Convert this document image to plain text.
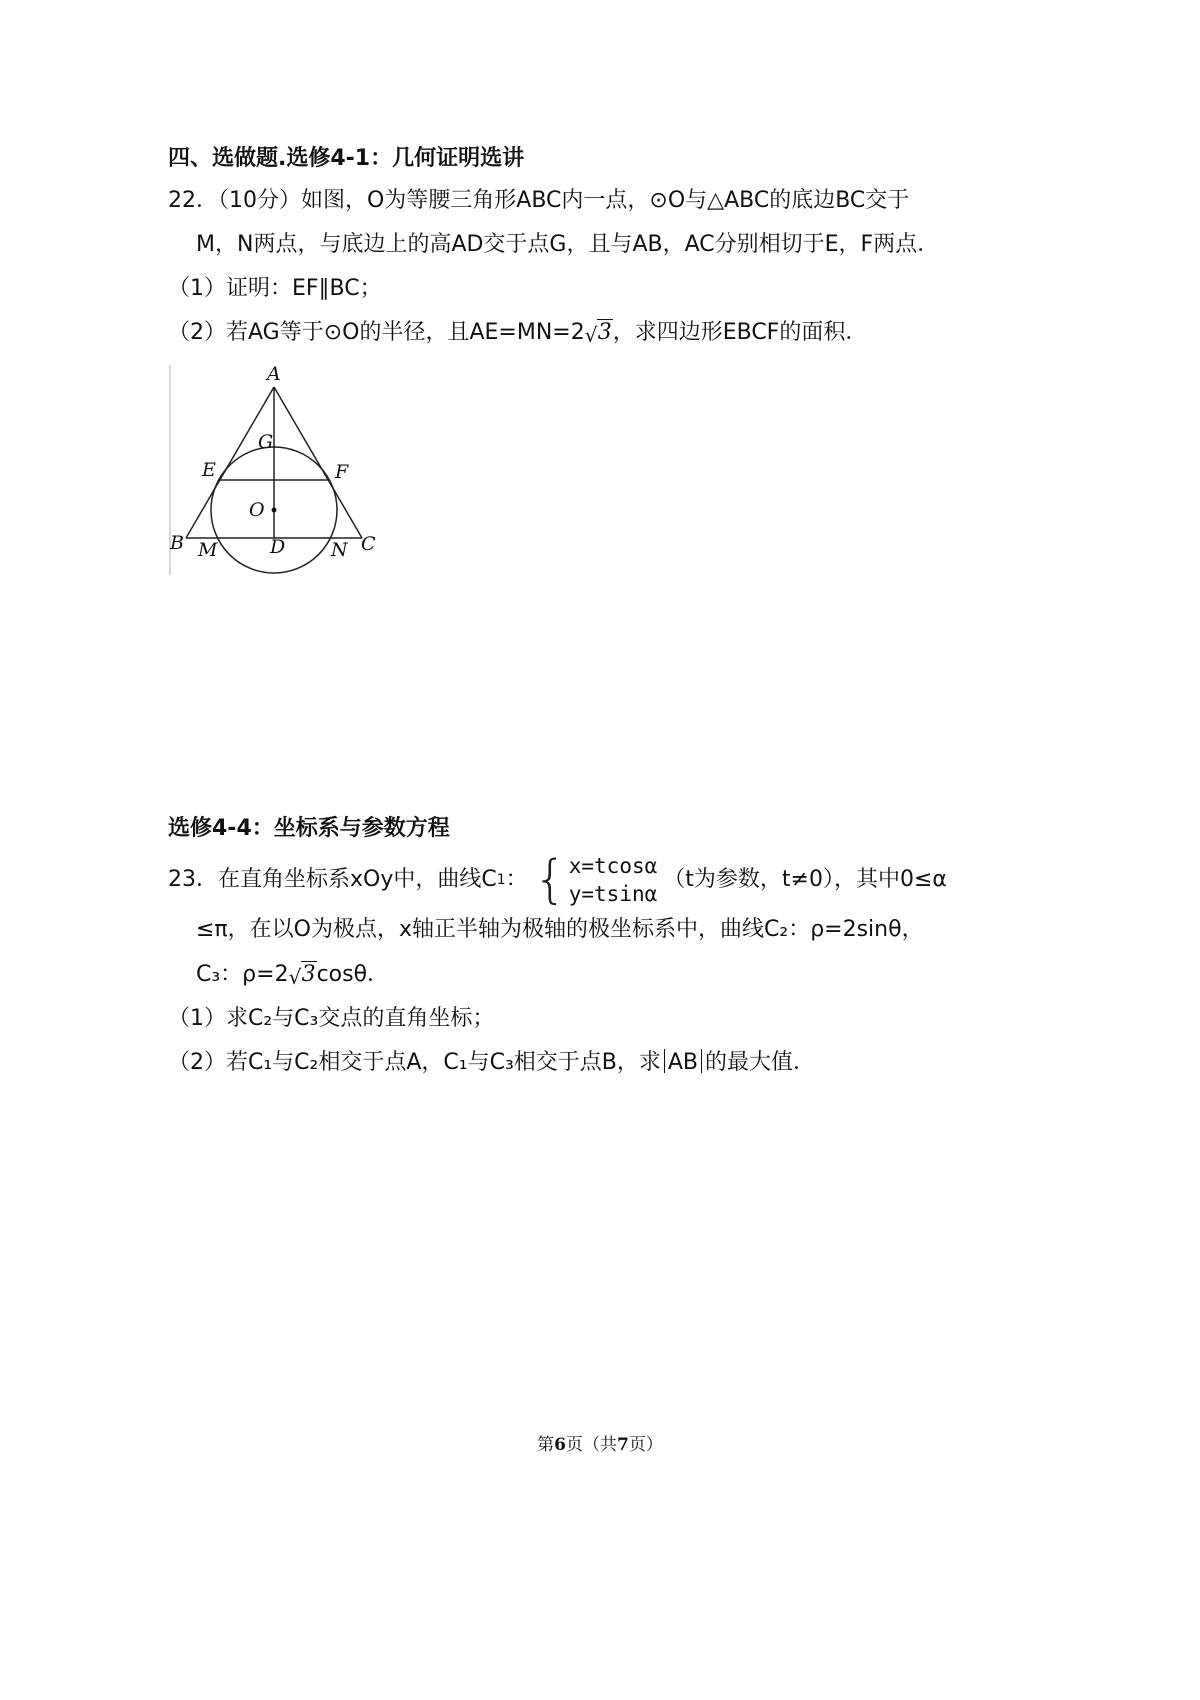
四、选做题.选修4-1：几何证明选讲
22．（10分）如图，O为等腰三角形ABC内一点，⊙O与△ABC的底边BC交于
M，N两点，与底边上的高AD交于点G，且与AB，AC分别相切于E，F两点．
（1）证明：EF∥BC；
（2）若AG等于⊙O的半径，且AE=MN=2 √ 3，求四边形EBCF的面积．
A
G
E	F
O
B M	D N C
选修4-4：坐标系与参数方程
23．在直角坐标系xOy中，曲线C 1 ： { x=tcosα
y=tsinα
（t为参数，t≠0），其中0≤α
≤π，在以O为极点，x轴正半轴为极轴的极坐标系中，曲线C₂：ρ=2sinθ，
C₃：ρ=2 √ 3cosθ．
（1）求C₂与C₃交点的直角坐标；
（2）若C₁与C₂相交于点A，C₁与C₃相交于点B，求 AB 的最大值．
第6页（共7页）
